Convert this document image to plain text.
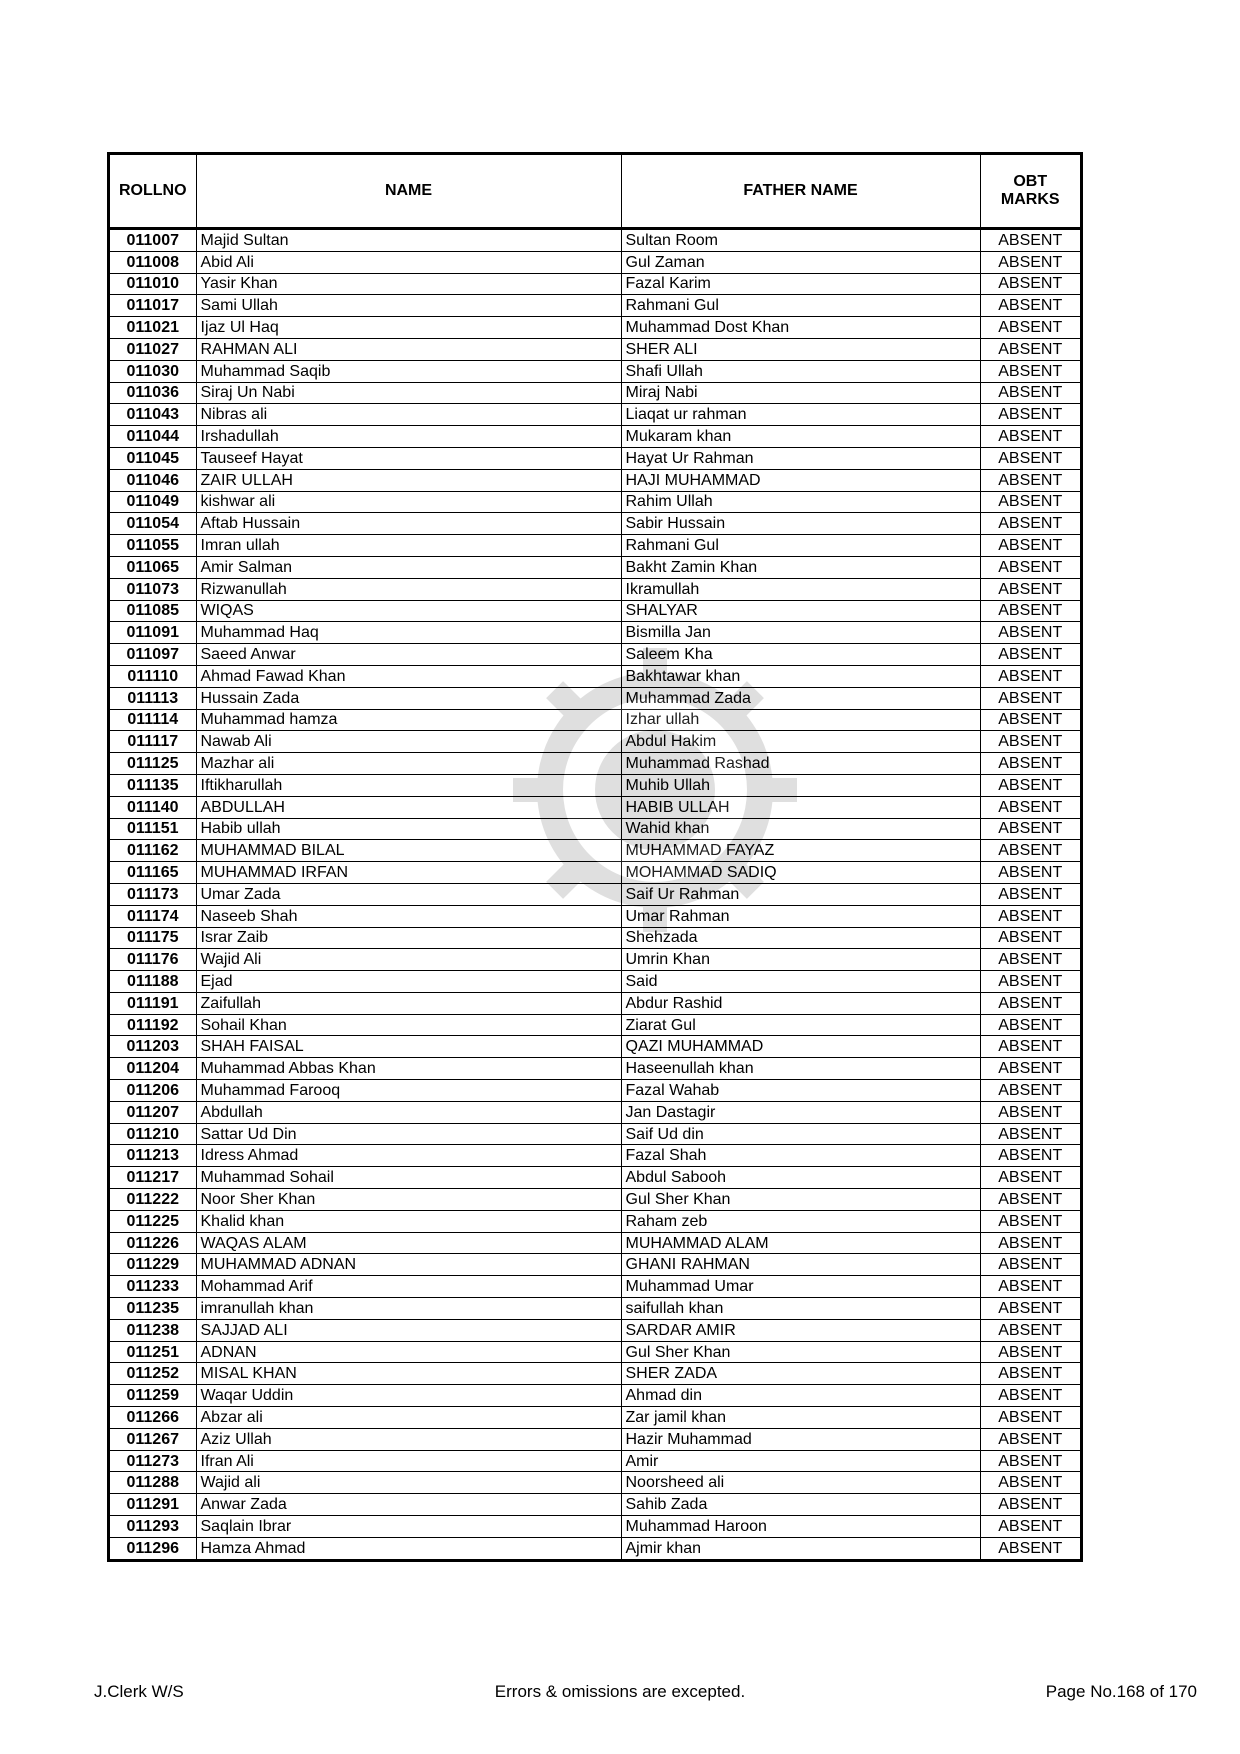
ROLLNO	NAME	FATHER NAME	OBT MARKS
011007	Majid Sultan	Sultan Room	ABSENT
011008	Abid Ali	Gul Zaman	ABSENT
011010	Yasir Khan	Fazal Karim	ABSENT
011017	Sami Ullah	Rahmani Gul	ABSENT
011021	Ijaz Ul Haq	Muhammad Dost Khan	ABSENT
011027	RAHMAN ALI	SHER ALI	ABSENT
011030	Muhammad Saqib	Shafi Ullah	ABSENT
011036	Siraj Un Nabi	Miraj Nabi	ABSENT
011043	Nibras ali	Liaqat ur rahman	ABSENT
011044	Irshadullah	Mukaram khan	ABSENT
011045	Tauseef Hayat	Hayat Ur Rahman	ABSENT
011046	ZAIR ULLAH	HAJI MUHAMMAD	ABSENT
011049	kishwar ali	Rahim Ullah	ABSENT
011054	Aftab Hussain	Sabir Hussain	ABSENT
011055	Imran ullah	Rahmani Gul	ABSENT
011065	Amir Salman	Bakht Zamin Khan	ABSENT
011073	Rizwanullah	Ikramullah	ABSENT
011085	WIQAS	SHALYAR	ABSENT
011091	Muhammad Haq	Bismilla Jan	ABSENT
011097	Saeed Anwar	Saleem Kha	ABSENT
011110	Ahmad Fawad Khan	Bakhtawar khan	ABSENT
011113	Hussain Zada	Muhammad Zada	ABSENT
011114	Muhammad hamza	Izhar ullah	ABSENT
011117	Nawab Ali	Abdul Hakim	ABSENT
011125	Mazhar ali	Muhammad Rashad	ABSENT
011135	Iftikharullah	Muhib Ullah	ABSENT
011140	ABDULLAH	HABIB ULLAH	ABSENT
011151	Habib ullah	Wahid khan	ABSENT
011162	MUHAMMAD BILAL	MUHAMMAD FAYAZ	ABSENT
011165	MUHAMMAD IRFAN	MOHAMMAD SADIQ	ABSENT
011173	Umar Zada	Saif Ur Rahman	ABSENT
011174	Naseeb Shah	Umar Rahman	ABSENT
011175	Israr Zaib	Shehzada	ABSENT
011176	Wajid Ali	Umrin Khan	ABSENT
011188	Ejad	Said	ABSENT
011191	Zaifullah	Abdur Rashid	ABSENT
011192	Sohail Khan	Ziarat Gul	ABSENT
011203	SHAH FAISAL	QAZI MUHAMMAD	ABSENT
011204	Muhammad Abbas Khan	Haseenullah khan	ABSENT
011206	Muhammad Farooq	Fazal Wahab	ABSENT
011207	Abdullah	Jan Dastagir	ABSENT
011210	Sattar Ud Din	Saif Ud din	ABSENT
011213	Idress Ahmad	Fazal Shah	ABSENT
011217	Muhammad Sohail	Abdul Sabooh	ABSENT
011222	Noor Sher Khan	Gul Sher Khan	ABSENT
011225	Khalid khan	Raham zeb	ABSENT
011226	WAQAS ALAM	MUHAMMAD ALAM	ABSENT
011229	MUHAMMAD ADNAN	GHANI RAHMAN	ABSENT
011233	Mohammad Arif	Muhammad Umar	ABSENT
011235	imranullah khan	saifullah khan	ABSENT
011238	SAJJAD ALI	SARDAR AMIR	ABSENT
011251	ADNAN	Gul Sher Khan	ABSENT
011252	MISAL KHAN	SHER ZADA	ABSENT
011259	Waqar Uddin	Ahmad din	ABSENT
011266	Abzar ali	Zar jamil khan	ABSENT
011267	Aziz Ullah	Hazir Muhammad	ABSENT
011273	Ifran Ali	Amir	ABSENT
011288	Wajid ali	Noorsheed ali	ABSENT
011291	Anwar Zada	Sahib Zada	ABSENT
011293	Saqlain Ibrar	Muhammad Haroon	ABSENT
011296	Hamza Ahmad	Ajmir khan	ABSENT
Errors & omissions are excepted.
J.Clerk W/S	Page No.168 of 170
